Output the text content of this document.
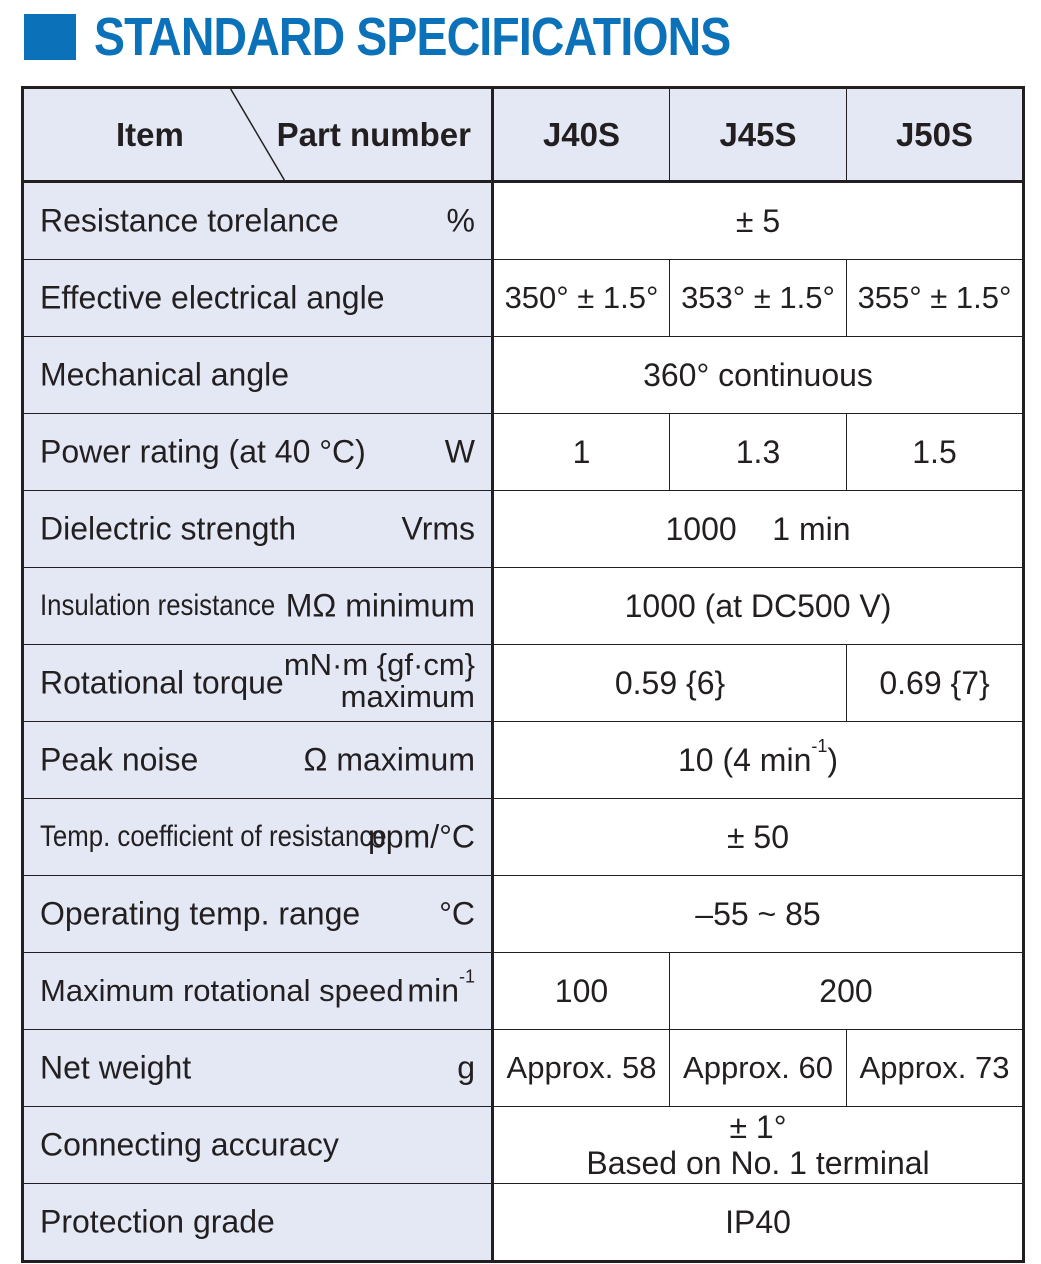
STANDARD SPECIFICATIONS
Item Part number	J40S	J45S	J50S

Resistance torelance %	± 5		

Effective electrical angle	350° ± 1.5°	353° ± 1.5°	355° ± 1.5°

Mechanical angle	360° continuous		

Power rating (at 40 °C) W	1	1.3	1.5

Dielectric strength Vrms	1000    1 min		

Insulation resistance MΩ minimum	1000 (at DC500 V)		

Rotational torque mN·m {gf·cm}
maximum	0.59 {6}		0.69 {7}

Peak noise Ω maximum	10 (4 $\min^{-1}$)		

Temp. coefficient of resistance
ppm/°C	± 50		

Operating temp. range °C	–55 ~ 85		

Maximum rotational speed $\min^{-1}$	100	200	

Net weight g	Approx. 58	Approx. 60	Approx. 73

Connecting accuracy	± 1°
Based on No. 1 terminal		

Protection grade	IP40		
